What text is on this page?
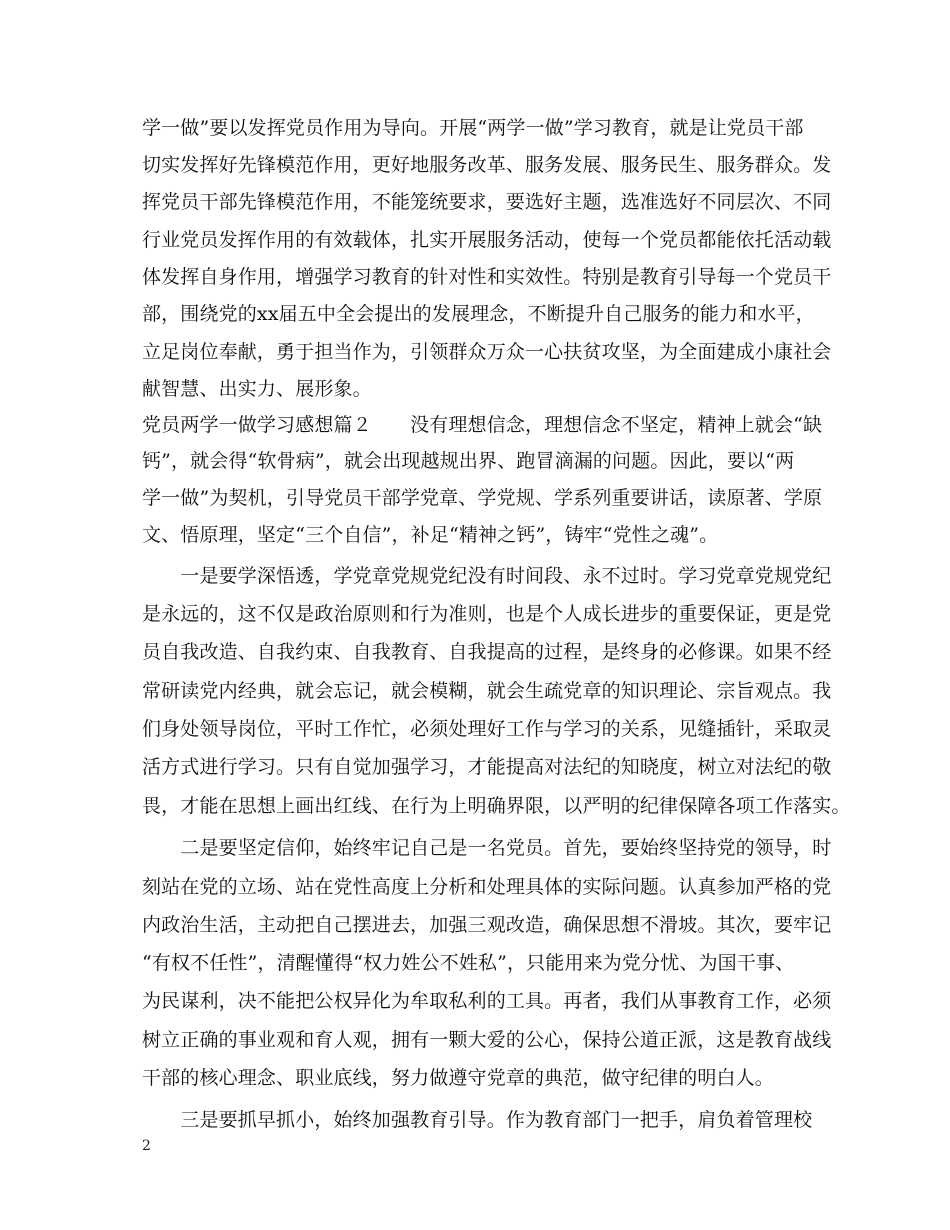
学一做”要以发挥党员作用为导向。开展“两学一做”学习教育，就是让党员干部
切实发挥好先锋模范作用，更好地服务改革、服务发展、服务民生、服务群众。发
挥党员干部先锋模范作用，不能笼统要求，要选好主题，选准选好不同层次、不同
行业党员发挥作用的有效载体，扎实开展服务活动，使每一个党员都能依托活动载
体发挥自身作用，增强学习教育的针对性和实效性。特别是教育引导每一个党员干
部，围绕党的xx届五中全会提出的发展理念，不断提升自己服务的能力和水平，
立足岗位奉献，勇于担当作为，引领群众万众一心扶贫攻坚，为全面建成小康社会
献智慧、出实力、展形象。
党员两学一做学习感想篇２　　没有理想信念，理想信念不坚定，精神上就会“缺
钙”，就会得“软骨病”，就会出现越规出界、跑冒滴漏的问题。因此，要以“两
学一做”为契机，引导党员干部学党章、学党规、学系列重要讲话，读原著、学原
文、悟原理，坚定“三个自信”，补足“精神之钙”，铸牢“党性之魂”。
　　一是要学深悟透，学党章党规党纪没有时间段、永不过时。学习党章党规党纪
是永远的，这不仅是政治原则和行为准则，也是个人成长进步的重要保证，更是党
员自我改造、自我约束、自我教育、自我提高的过程，是终身的必修课。如果不经
常研读党内经典，就会忘记，就会模糊，就会生疏党章的知识理论、宗旨观点。我
们身处领导岗位，平时工作忙，必须处理好工作与学习的关系，见缝插针，采取灵
活方式进行学习。只有自觉加强学习，才能提高对法纪的知晓度，树立对法纪的敬
畏，才能在思想上画出红线、在行为上明确界限，以严明的纪律保障各项工作落实。
　　二是要坚定信仰，始终牢记自己是一名党员。首先，要始终坚持党的领导，时
刻站在党的立场、站在党性高度上分析和处理具体的实际问题。认真参加严格的党
内政治生活，主动把自己摆进去，加强三观改造，确保思想不滑坡。其次，要牢记
“有权不任性”，清醒懂得“权力姓公不姓私”，只能用来为党分忧、为国干事、
为民谋利，决不能把公权异化为牟取私利的工具。再者，我们从事教育工作，必须
树立正确的事业观和育人观，拥有一颗大爱的公心，保持公道正派，这是教育战线
干部的核心理念、职业底线，努力做遵守党章的典范，做守纪律的明白人。
　　三是要抓早抓小，始终加强教育引导。作为教育部门一把手，肩负着管理校
2
